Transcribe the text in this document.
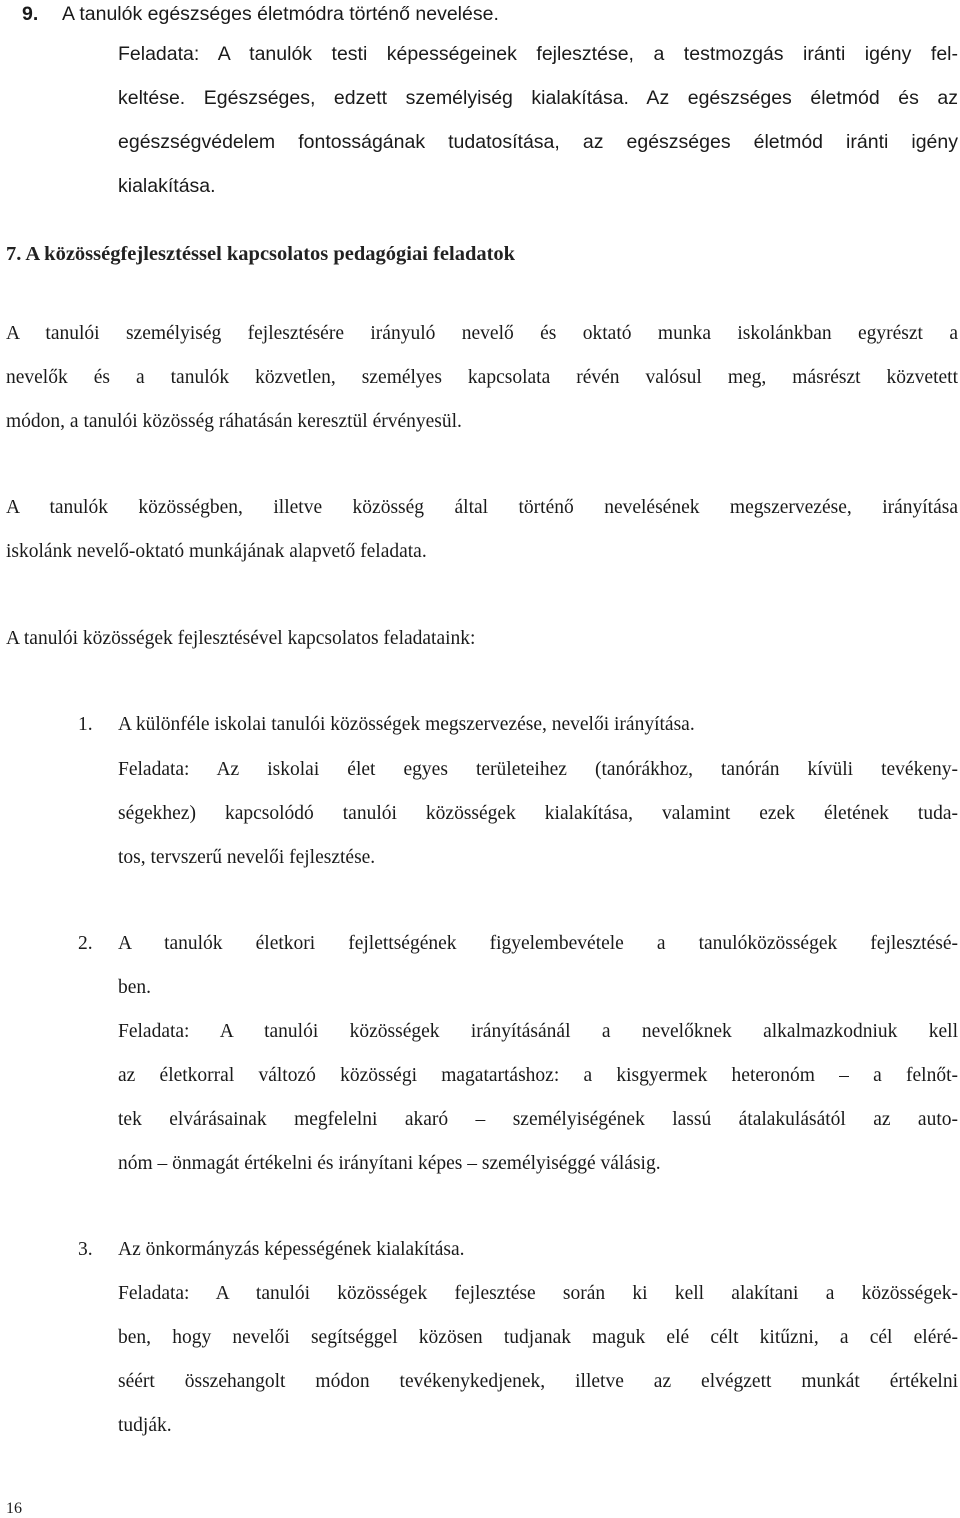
9. A tanulók egészséges életmódra történő nevelése.
Feladata: A tanulók testi képességeinek fejlesztése, a testmozgás iránti igény fel-
keltése. Egészséges, edzett személyiség kialakítása. Az egészséges életmód és az
egészségvédelem fontosságának tudatosítása, az egészséges életmód iránti igény
kialakítása.
7. A közösségfejlesztéssel kapcsolatos pedagógiai feladatok
A tanulói személyiség fejlesztésére irányuló nevelő és oktató munka iskolánkban egyrészt a
nevelők és a tanulók közvetlen, személyes kapcsolata révén valósul meg, másrészt közvetett
módon, a tanulói közösség ráhatásán keresztül érvényesül.
A tanulók közösségben, illetve közösség által történő nevelésének megszervezése, irányítása
iskolánk nevelő-oktató munkájának alapvető feladata.
A tanulói közösségek fejlesztésével kapcsolatos feladataink:
1. A különféle iskolai tanulói közösségek megszervezése, nevelői irányítása.
Feladata: Az iskolai élet egyes területeihez (tanórákhoz, tanórán kívüli tevékeny-
ségekhez) kapcsolódó tanulói közösségek kialakítása, valamint ezek életének tuda-
tos, tervszerű nevelői fejlesztése.
2. A tanulók életkori fejlettségének figyelembevétele a tanulóközösségek fejlesztésé-
ben.
Feladata: A tanulói közösségek irányításánál a nevelőknek alkalmazkodniuk kell
az életkorral változó közösségi magatartáshoz: a kisgyermek heteronóm – a felnőt-
tek elvárásainak megfelelni akaró – személyiségének lassú átalakulásától az auto-
nóm – önmagát értékelni és irányítani képes – személyiséggé válásig.
3. Az önkormányzás képességének kialakítása.
Feladata: A tanulói közösségek fejlesztése során ki kell alakítani a közösségek-
ben, hogy nevelői segítséggel közösen tudjanak maguk elé célt kitűzni, a cél eléré-
séért összehangolt módon tevékenykedjenek, illetve az elvégzett munkát értékelni
tudják.
16
